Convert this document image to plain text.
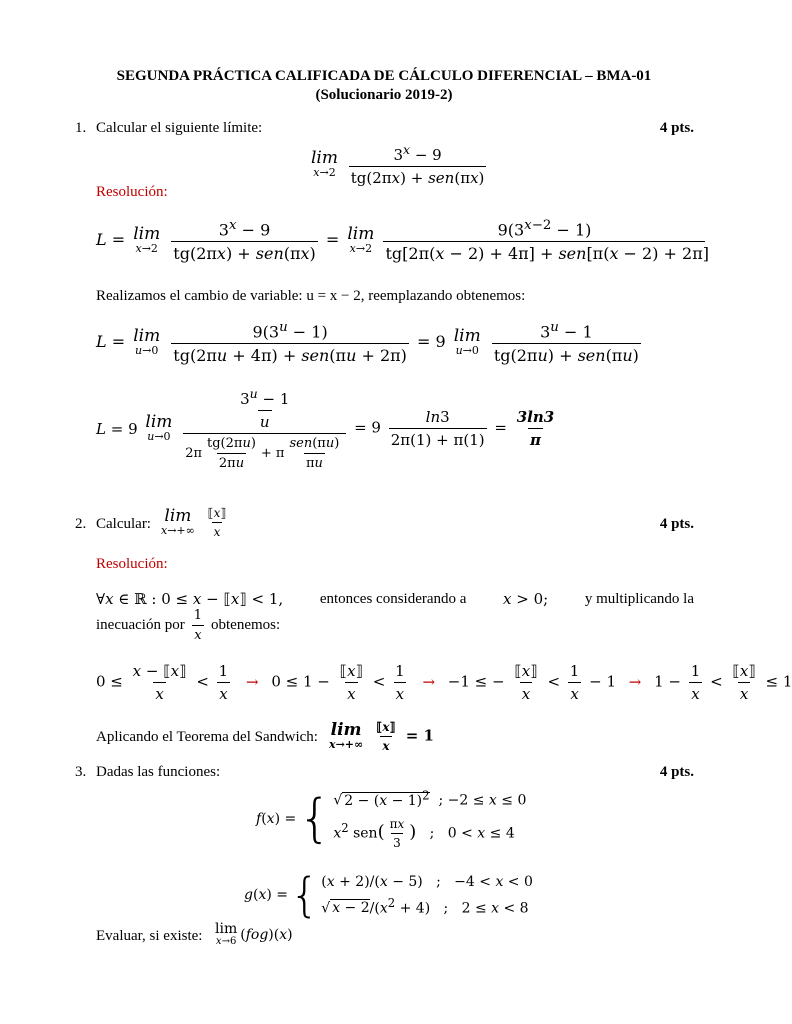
SEGUNDA PRÁCTICA CALIFICADA DE CÁLCULO DIFERENCIAL – BMA-01
(Solucionario 2019-2)
1. Calcular el siguiente límite:	4 pts.
lim
x→2
$\frac{3^x - 9}{\text{tg(2πx) + sen(πx)}}$
Resolución:
L = lim
x→2
$\frac{3^x - 9}{\text{tg(2πx) + sen(πx)}} = \lim$
x→2
$\frac{9(3^{x-2} - 1)}{\text{tg[2π(x − 2) + 4π] + sen[π(x − 2) + 2π]}}$
Realizamos el cambio de variable: u = x − 2, reemplazando obtenemos:
L = lim
u→0
$\frac{9(3^u - 1)}{\text{tg(2πu + 4π) + sen(πu + 2π)}} = 9$ lim
u→0
$\frac{3^u - 1}{\text{tg(2πu) + sen(πu)}}$
L = 9 lim
u→0
$\frac{\frac{3^u - 1}{u}}{2\pi \frac{tg(2\pi u)}{2\pi u} + \pi \frac{\text{sen(πu)}}{\pi u}} = 9 \frac{\ln 3}{2\pi(1) + \pi(1)} = \frac{3\ln 3}{\pi}$
2. Calcular: lim
x→+∞
$\frac{⟦x⟧}{x}$	4 pts.
Resolución:
∀x ∈ ℝ : 0 ≤ x − ⟦x⟧ < 1, entonces considerando a x > 0; y multiplicando la
inecuación por $\frac{1}{x}$ obtenemos:
$0 \le \frac{x - ⟦x⟧}{x} < \frac{1}{x} \to 0 \le 1 - \frac{⟦x⟧}{x} < \frac{1}{x} \to -1$ ≤ − $\frac{⟦x⟧}{x} < \frac{1}{x} - 1 \to 1 - \frac{1}{x} < \frac{⟦x⟧}{x} \le 1$
Aplicando el Teorema del Sandwich: lim
x→+∞
$\frac{⟦x⟧}{x} = 1$
3. Dadas las funciones:	4 pts.
f(x) = { √ $2 - (x - 1)^2$  ; −2 ≤ x ≤ 0
$x^2$ $sen( \frac{\pi x}{3}$ )   ;   0 < x ≤ 4
g(x) = { (x + 2)/(x − 5)   ;   −4 < x < 0
√ $x - 2/(x^2 + 4)$   ;   2 ≤ x < 8
Evaluar, si existe: lim
x→6 (fog)(x)
